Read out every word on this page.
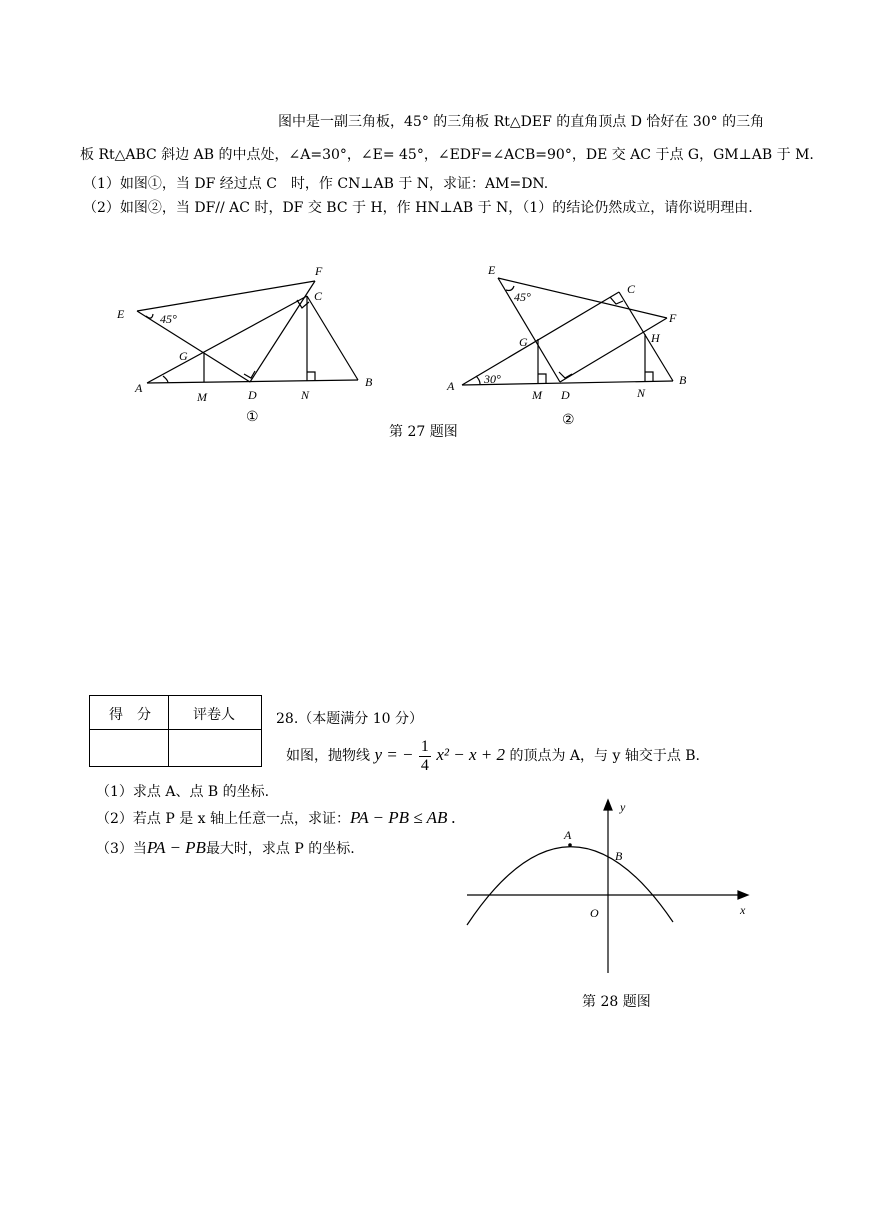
图中是一副三角板，45° 的三角板 Rt△DEF 的直角顶点 D 恰好在 30° 的三角
板 Rt△ABC 斜边 AB 的中点处，∠A=30°，∠E= 45°，∠EDF=∠ACB=90°，DE 交 AC 于点 G，GM⊥AB 于 M.
（1）如图①，当 DF 经过点 C　时，作 CN⊥AB 于 N，求证：AM=DN.
（2）如图②，当 DF// AC 时，DF 交 BC 于 H，作 HN⊥AB 于 N，（1）的结论仍然成立，请你说明理由.
F
E
C
G
A
M	D	N
B
45°
①
E
C
F
G	H
A
M D	N
B
45°
30°
②
y
x
A
B
O
第 27 题图
得　分	评卷人	28.（本题满分 10 分）
如图，抛物线 y = − $\frac{1}{4} x^2 - x + 2$ 的顶点为 A，与 y 轴交于点 B.
（1）求点 A、点 B 的坐标.
（2）若点 P 是 x 轴上任意一点，求证：PA − PB ≤ AB .
（3）当PA − PB最大时，求点 P 的坐标.
第 28 题图
